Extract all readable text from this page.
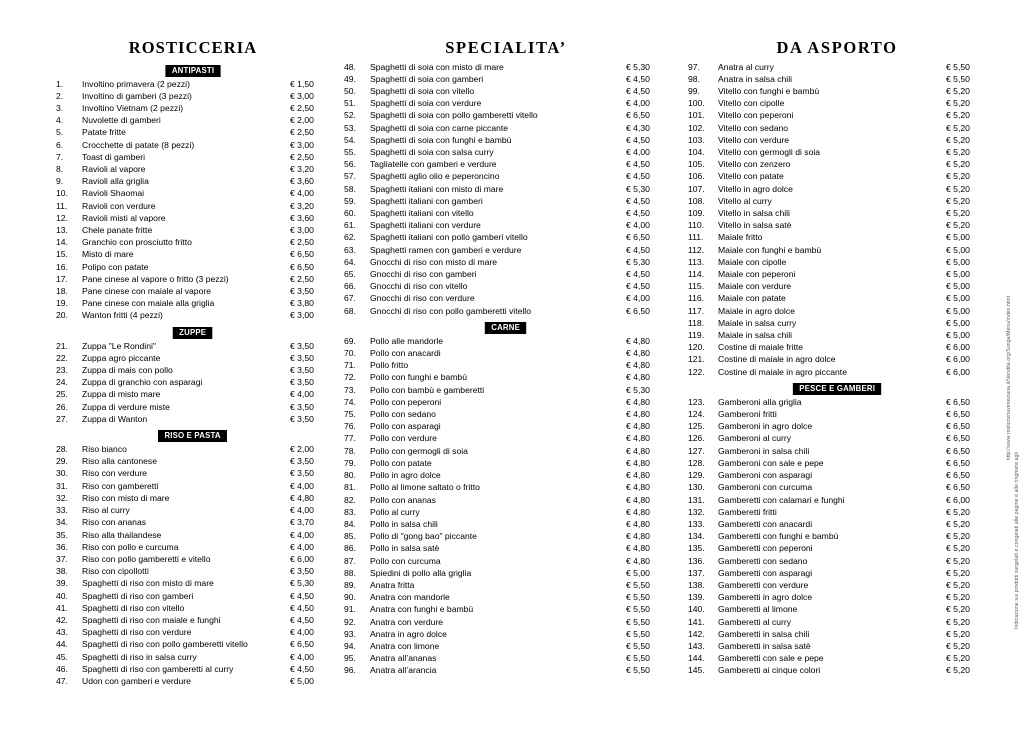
ROSTICCERIA
ANTIPASTI
1.	Involtino primavera (2 pezzi)	€ 1,50
2.	Involtino di gamberi (3 pezzi)	€ 3,00
3.	Involtino Vietnam (2 pezzi)	€ 2,50
4.	Nuvolette di gamberi	€ 2,00
5.	Patate fritte	€ 2,50
6.	Crocchette di patate (8 pezzi)	€ 3,00
7.	Toast di gamberi	€ 2,50
8.	Ravioli al vapore	€ 3,20
9.	Ravioli alla griglia	€ 3,60
10.	Ravioli Shaomai	€ 4,00
11.	Ravioli con verdure	€ 3,20
12.	Ravioli misti al vapore	€ 3,60
13.	Chele panate fritte	€ 3,00
14.	Granchio con prosciutto fritto	€ 2,50
15.	Misto di mare	€ 6,50
16.	Polipo con patate	€ 6,50
17.	Pane cinese al vapore o fritto (3 pezzi)	€ 2,50
18.	Pane cinese con maiale al vapore	€ 3,50
19.	Pane cinese con maiale alla griglia	€ 3,80
20.	Wanton fritti (4 pezzi)	€ 3,00
ZUPPE
21.	Zuppa "Le Rondini"	€ 3,50
22.	Zuppa agro piccante	€ 3,50
23.	Zuppa di mais con pollo	€ 3,50
24.	Zuppa di granchio con asparagi	€ 3,50
25.	Zuppa di misto mare	€ 4,00
26.	Zuppa di verdure miste	€ 3,50
27.	Zuppa di Wanton	€ 3,50
RISO E PASTA
28.	Riso bianco	€ 2,00
29.	Riso alla cantonese	€ 3,50
30.	Riso con verdure	€ 3,50
31.	Riso con gamberetti	€ 4,00
32.	Riso con misto di mare	€ 4,80
33.	Riso al curry	€ 4,00
34.	Riso con ananas	€ 3,70
35.	Riso alla thailandese	€ 4,00
36.	Riso con pollo e curcuma	€ 4,00
37.	Riso con pollo gamberetti e vitello	€ 6,00
38.	Riso con cipollotti	€ 3,50
39.	Spaghetti di riso con misto di mare	€ 5,30
40.	Spaghetti di riso con gamberi	€ 4,50
41.	Spaghetti di riso con vitello	€ 4,50
42.	Spaghetti di riso con maiale e funghi	€ 4,50
43.	Spaghetti di riso con verdure	€ 4,00
44.	Spaghetti di riso con pollo gamberetti vitello	€ 6,50
45.	Spaghetti di riso in salsa curry	€ 4,00
46.	Spaghetti di riso con gamberetti al curry	€ 4,50
47.	Udon con gamberi e verdure	€ 5,00
SPECIALITA’
48.	Spaghetti di soia con misto di mare	€ 5,30
49.	Spaghetti di soia con gamberi	€ 4,50
50.	Spaghetti di soia con vitello	€ 4,50
51.	Spaghetti di soia con verdure	€ 4,00
52.	Spaghetti di soia con pollo gamberetti vitello	€ 6,50
53.	Spaghetti di soia con carne piccante	€ 4,30
54.	Spaghetti di soia con funghi e bambù	€ 4,50
55.	Spaghetti di soia con salsa curry	€ 4,00
56.	Tagliatelle con gamberi e verdure	€ 4,50
57.	Spaghetti aglio olio e peperoncino	€ 4,50
58.	Spaghetti italiani con misto di mare	€ 5,30
59.	Spaghetti italiani con gamberi	€ 4,50
60.	Spaghetti italiani con vitello	€ 4,50
61.	Spaghetti italiani con verdure	€ 4,00
62.	Spaghetti italiani con pollo gamberi vitello	€ 6,50
63.	Spaghetti ramen con gamberi e verdure	€ 4,50
64.	Gnocchi di riso con misto di mare	€ 5,30
65.	Gnocchi di riso con gamberi	€ 4,50
66.	Gnocchi di riso con vitello	€ 4,50
67.	Gnocchi di riso con verdure	€ 4,00
68.	Gnocchi di riso con pollo gamberetti vitello	€ 6,50
CARNE
69.	Pollo alle mandorle	€ 4,80
70.	Pollo con anacardi	€ 4,80
71.	Pollo fritto	€ 4,80
72.	Pollo con funghi e bambù	€ 4,80
73.	Pollo con bambù e gamberetti	€ 5,30
74.	Pollo con peperoni	€ 4,80
75.	Pollo con sedano	€ 4,80
76.	Pollo con asparagi	€ 4,80
77.	Pollo con verdure	€ 4,80
78.	Pollo con germogli di soia	€ 4,80
79.	Pollo con patate	€ 4,80
80.	Pollo in agro dolce	€ 4,80
81.	Pollo al limone saltato o fritto	€ 4,80
82.	Pollo con ananas	€ 4,80
83.	Pollo al curry	€ 4,80
84.	Pollo in salsa chili	€ 4,80
85.	Pollo di "gong bao" piccante	€ 4,80
86.	Pollo in salsa satè	€ 4,80
87.	Pollo con curcuma	€ 4,80
88.	Spiedini di pollo alla griglia	€ 5,00
89.	Anatra fritta	€ 5,50
90.	Anatra con mandorle	€ 5,50
91.	Anatra con funghi e bambù	€ 5,50
92.	Anatra con verdure	€ 5,50
93.	Anatra in agro dolce	€ 5,50
94.	Anatra con limone	€ 5,50
95.	Anatra all’ananas	€ 5,50
96.	Anatra all’arancia	€ 5,50
DA ASPORTO
97.	Anatra al curry	€ 5,50
98.	Anatra in salsa chili	€ 5,50
99.	Vitello con funghi e bambù	€ 5,20
100.	Vitello con cipolle	€ 5,20
101.	Vitello con peperoni	€ 5,20
102.	Vitello con sedano	€ 5,20
103.	Vitello con verdure	€ 5,20
104.	Vitello con germogli di soia	€ 5,20
105.	Vitello con zenzero	€ 5,20
106.	Vitello con patate	€ 5,20
107.	Vitello in agro dolce	€ 5,20
108.	Vitello al curry	€ 5,20
109.	Vitello in salsa chili	€ 5,20
110.	Vitello in salsa satè	€ 5,20
111.	Maiale fritto	€ 5,00
112.	Maiale con funghi e bambù	€ 5,00
113.	Maiale con cipolle	€ 5,00
114.	Maiale con peperoni	€ 5,00
115.	Maiale con verdure	€ 5,00
116.	Maiale con patate	€ 5,00
117.	Maiale in agro dolce	€ 5,00
118.	Maiale in salsa curry	€ 5,00
119.	Maiale in salsa chili	€ 5,00
120.	Costine di maiale fritte	€ 6,00
121.	Costine di maiale in agro dolce	€ 6,00
122.	Costine di maiale in agro piccante	€ 6,00
PESCE E GAMBERI
123.	Gamberoni alla griglia	€ 6,50
124.	Gamberoni fritti	€ 6,50
125.	Gamberoni in agro dolce	€ 6,50
126.	Gamberoni al curry	€ 6,50
127.	Gamberoni in salsa chili	€ 6,50
128.	Gamberoni con sale e pepe	€ 6,50
129.	Gamberoni con asparagi	€ 6,50
130.	Gamberoni con curcuma	€ 6,50
131.	Gamberetti con calamari e funghi	€ 6,00
132.	Gamberetti fritti	€ 5,20
133.	Gamberetti con anacardi	€ 5,20
134.	Gamberetti con funghi e bambù	€ 5,20
135.	Gamberetti con peperoni	€ 5,20
136.	Gamberetti con sedano	€ 5,20
137.	Gamberetti con asparagi	€ 5,20
138.	Gamberetti con verdure	€ 5,20
139.	Gamberetti in agro dolce	€ 5,20
140.	Gamberetti al limone	€ 5,20
141.	Gamberetti al curry	€ 5,20
142.	Gamberetti in salsa chili	€ 5,20
143.	Gamberetti in salsa satè	€ 5,20
144.	Gamberetti con sale e pepe	€ 5,20
145.	Gamberetti ai cinque colori	€ 5,20
http://www.rosticceriaveneziana.it/Vendita.org/Sunga/Menu/index.html
Indicazione sui prodotti surgelati e congelati alle pagine e alle ringhiere agli
